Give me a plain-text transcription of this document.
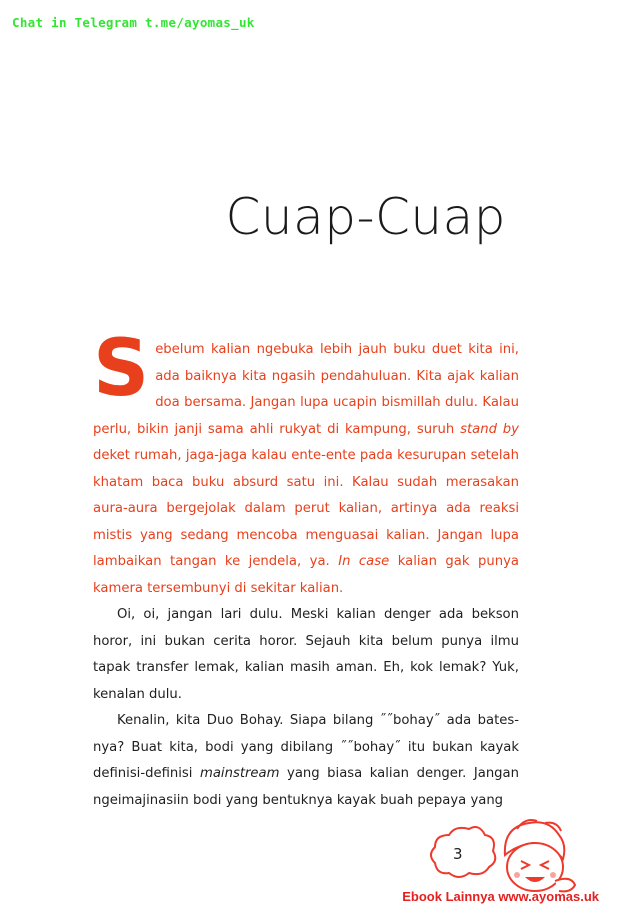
Chat in Telegram t.me/ayomas_uk
Cuap-Cuap

Sebelum kalian ngebuka lebih jauh buku duet kita ini, ada baiknya kita ngasih pendahuluan. Kita ajak kalian doa bersama. Jangan lupa ucapin bismillah dulu. Kalau perlu, bikin janji sama ahli rukyat di kampung, suruh stand by deket rumah, jaga-jaga kalau ente-ente pada kesurupan setelah khatam baca buku absurd satu ini. Kalau sudah merasakan aura-aura bergejolak dalam perut kalian, artinya ada reaksi mistis yang sedang mencoba menguasai kalian. Jangan lupa lambaikan tangan ke jendela, ya. In case kalian gak punya kamera tersembunyi di sekitar kalian.

Oi, oi, jangan lari dulu. Meski kalian denger ada bekson horor, ini bukan cerita horor. Sejauh kita belum punya ilmu tapak transfer lemak, kalian masih aman. Eh, kok lemak? Yuk, kenalan dulu.

Kenalin, kita Duo Bohay. Siapa bilang ˝˝bohay˝ ada bates-nya? Buat kita, bodi yang dibilang ˝˝bohay˝ itu bukan kayak definisi-definisi mainstream yang biasa kalian denger. Jangan ngeimajinasiin bodi yang bentuknya kayak buah pepaya yang

3
Ebook Lainnya www.ayomas.uk
